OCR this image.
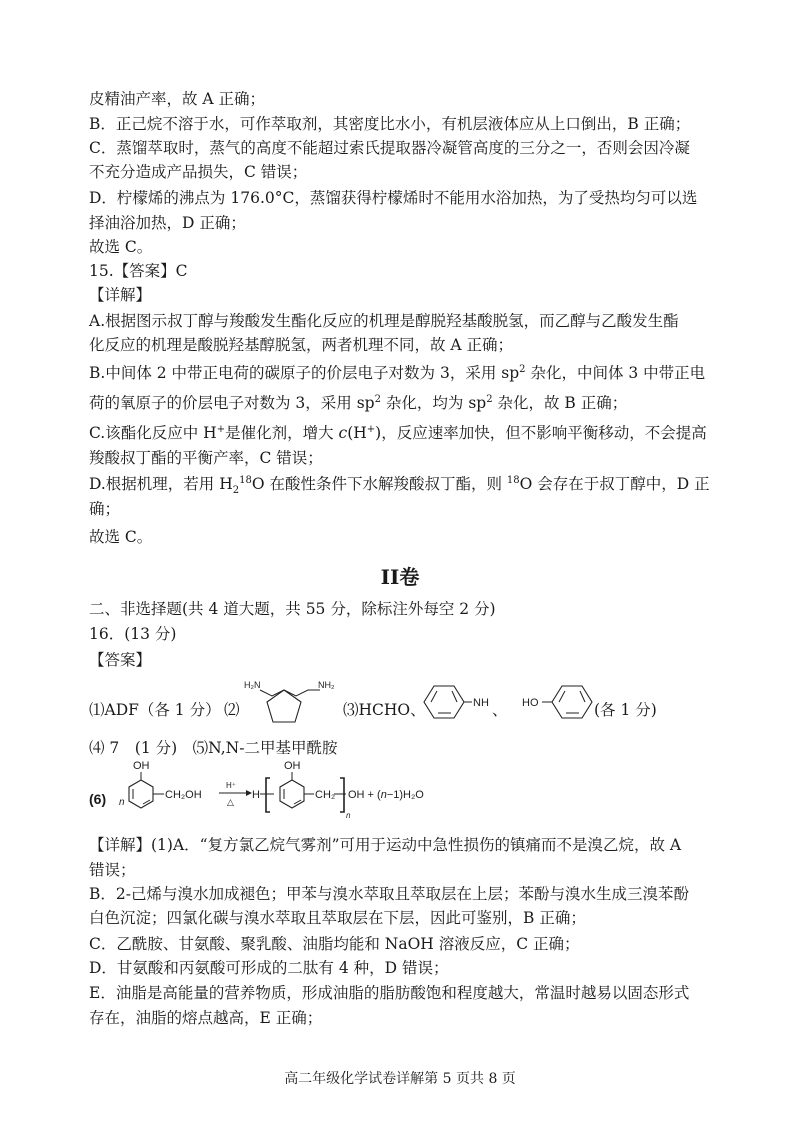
皮精油产率，故 A 正确；
B．正己烷不溶于水，可作萃取剂，其密度比水小，有机层液体应从上口倒出，B 正确；
C．蒸馏萃取时，蒸气的高度不能超过索氏提取器冷凝管高度的三分之一，否则会因冷凝
不充分造成产品损失，C 错误；
D．柠檬烯的沸点为 176.0°C，蒸馏获得柠檬烯时不能用水浴加热，为了受热均匀可以选
择油浴加热，D 正确；
故选 C。
15.【答案】C
【详解】
A.根据图示叔丁醇与羧酸发生酯化反应的机理是醇脱羟基酸脱氢，而乙醇与乙酸发生酯
化反应的机理是酸脱羟基醇脱氢，两者机理不同，故 A 正确；
B.中间体 2 中带正电荷的碳原子的价层电子对数为 3，采用 $sp^2$ 杂化，中间体 3 中带正电
荷的氧原子的价层电子对数为 3，采用 $sp^2$ 杂化，均为 $sp^2$ 杂化，故 B 正确；
C.该酯化反应中 H+是催化剂，增大 c(H+)，反应速率加快，但不影响平衡移动，不会提高
羧酸叔丁酯的平衡产率，C 错误；
D.根据机理，若用 $H_2^{18}O$ 在酸性条件下水解羧酸叔丁酯，则 $^{18}$O 会存在于叔丁醇中，D 正
确；
故选 C。
II卷
二、非选择题(共 4 道大题，共 55 分，除标注外每空 2 分)
16．(13 分)
【答案】
⑴ADF（各 1 分） ⑵
H₂N	NH₂
⑶HCHO、	NH 、	HO	(各 1 分)
⑷ 7　(1 分)　⑸N,N-二甲基甲酰胺
(6)
OH
n
CH₂OH
H⁺
△
H
OH
CH₂
n
OH + (n−1)H₂O
【详解】(1)A．“复方氯乙烷气雾剂”可用于运动中急性损伤的镇痛而不是溴乙烷，故 A
错误；
B．2-己烯与溴水加成褪色；甲苯与溴水萃取且萃取层在上层；苯酚与溴水生成三溴苯酚
白色沉淀；四氯化碳与溴水萃取且萃取层在下层，因此可鉴别，B 正确；
C．乙酰胺、甘氨酸、聚乳酸、油脂均能和 NaOH 溶液反应，C 正确；
D．甘氨酸和丙氨酸可形成的二肽有 4 种，D 错误；
E．油脂是高能量的营养物质，形成油脂的脂肪酸饱和程度越大，常温时越易以固态形式
存在，油脂的熔点越高，E 正确；
高二年级化学试卷详解第 5 页共 8 页
